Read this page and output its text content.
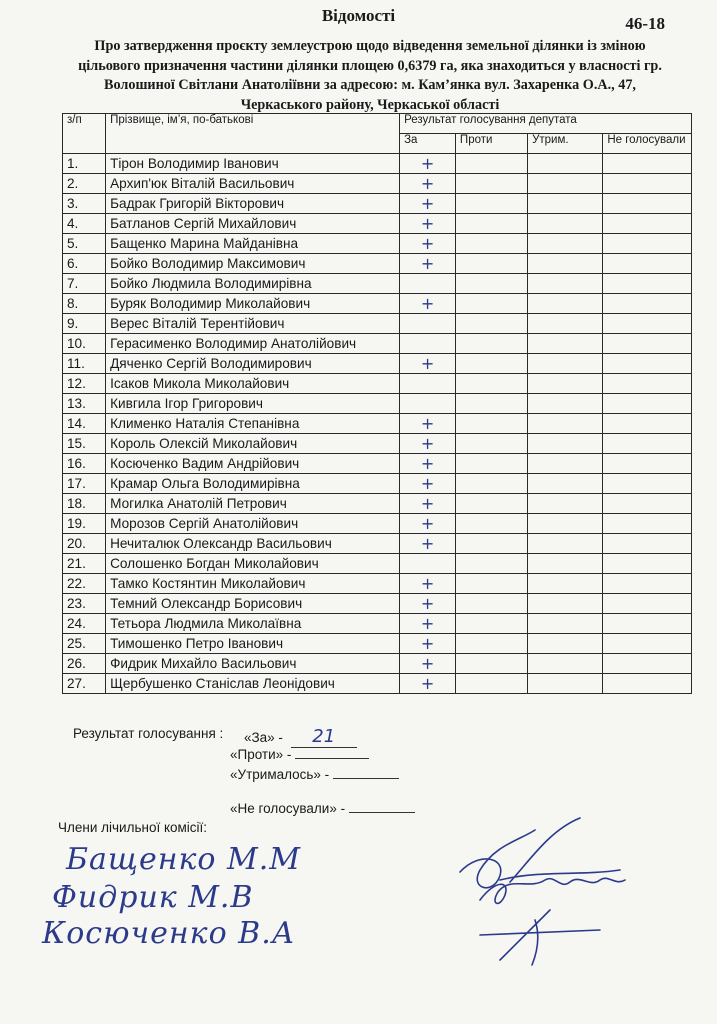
Відомості	46-18
Про затвердження проєкту землеустрою щодо відведення земельної ділянки із зміною цільового призначення частини ділянки площею 0,6379 га, яка знаходиться у власності гр. Волошиної Світлани Анатоліївни за адресою: м. Кам’янка вул. Захаренка О.А., 47, Черкаського району, Черкаської області
з/п	Прізвище, ім’я, по-батькові	Результат голосування депутата			
		За	Проти	Утрим.	Не голосували
1.	Тірон Володимир Іванович	+			
2.	Архип'юк Віталій Васильович	+			
3.	Бадрак Григорій Вікторович	+			
4.	Батланов Сергій Михайлович	+			
5.	Бащенко Марина Майданівна	+			
6.	Бойко Володимир Максимович	+			
7.	Бойко Людмила Володимирівна				
8.	Буряк Володимир Миколайович	+			
9.	Верес Віталій Терентійович				
10.	Герасименко Володимир Анатолійович				
11.	Дяченко Сергій Володимирович	+			
12.	Ісаков Микола Миколайович				
13.	Кивгила Ігор Григорович				
14.	Клименко Наталія Степанівна	+			
15.	Король Олексій Миколайович	+			
16.	Косюченко Вадим Андрійович	+			
17.	Крамар Ольга Володимирівна	+			
18.	Могилка Анатолій Петрович	+			
19.	Морозов Сергій Анатолійович	+			
20.	Нечиталюк Олександр Васильович	+			
21.	Солошенко Богдан Миколайович				
22.	Тамко Костянтин Миколайович	+			
23.	Темний Олександр Борисович	+			
24.	Тетьора Людмила Миколаївна	+			
25.	Тимошенко Петро Іванович	+			
26.	Фидрик Михайло Васильович	+			
27.	Щербушенко Станіслав Леонідович	+			
Результат голосування : «За» - 21
«Проти» -
«Утрималось» -
«Не голосували» -
Члени лічильної комісії:
Бащенко М.М
Фидрик М.В
Косюченко В.А
